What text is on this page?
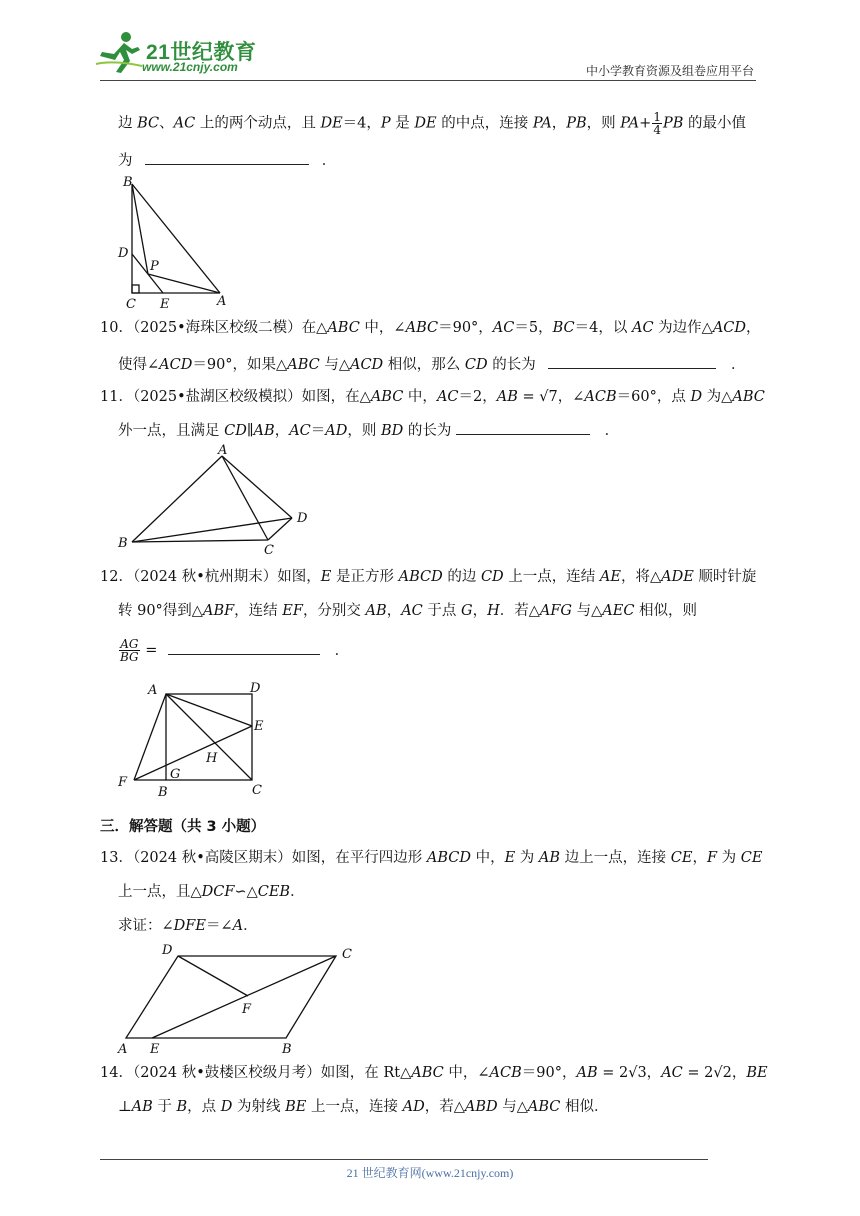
21世纪教育
www.21cnjy.com	中小学教育资源及组卷应用平台
边 BC、AC 上的两个动点，且 DE＝4，P 是 DE 的中点，连接 PA，PB，则 $PA+ \frac{1}{4}$ PB 的最小值
为	．
B
D
P
C E	A
10．（2025•海珠区校级二模）在△ABC 中，∠ABC＝90°，AC＝5，BC＝4，以 AC 为边作△ACD，
使得∠ACD＝90°，如果△ABC 与△ACD 相似，那么 CD 的长为	．
11．（2025•盐湖区校级模拟）如图，在△ABC 中，AC＝2，AB = √7，∠ACB＝60°，点 D 为△ABC
外一点，且满足 CD∥AB，AC＝AD，则 BD 的长为	．
A
D
B	C
12．（2024 秋•杭州期末）如图，E 是正方形 ABCD 的边 CD 上一点，连结 AE，将△ADE 顺时针旋
转 90°得到△ABF，连结 EF，分别交 AB，AC 于点 G，H．若△AFG 与△AEC 相似，则
$\frac{AG}{BG}$ =	．
A	D
E
H
F
G
B	C
三．解答题（共 3 小题）
13．（2024 秋•高陵区期末）如图，在平行四边形 ABCD 中，E 为 AB 边上一点，连接 CE，F 为 CE
上一点，且△DCF∽△CEB．
求证：∠DFE＝∠A．
D	C
F
A E	B
14．（2024 秋•鼓楼区校级月考）如图，在 Rt△ABC 中，∠ACB＝90°，AB = 2√3，AC = 2√2，BE
⊥AB 于 B，点 D 为射线 BE 上一点，连接 AD，若△ABD 与△ABC 相似．
21 世纪教育网(www.21cnjy.com)
